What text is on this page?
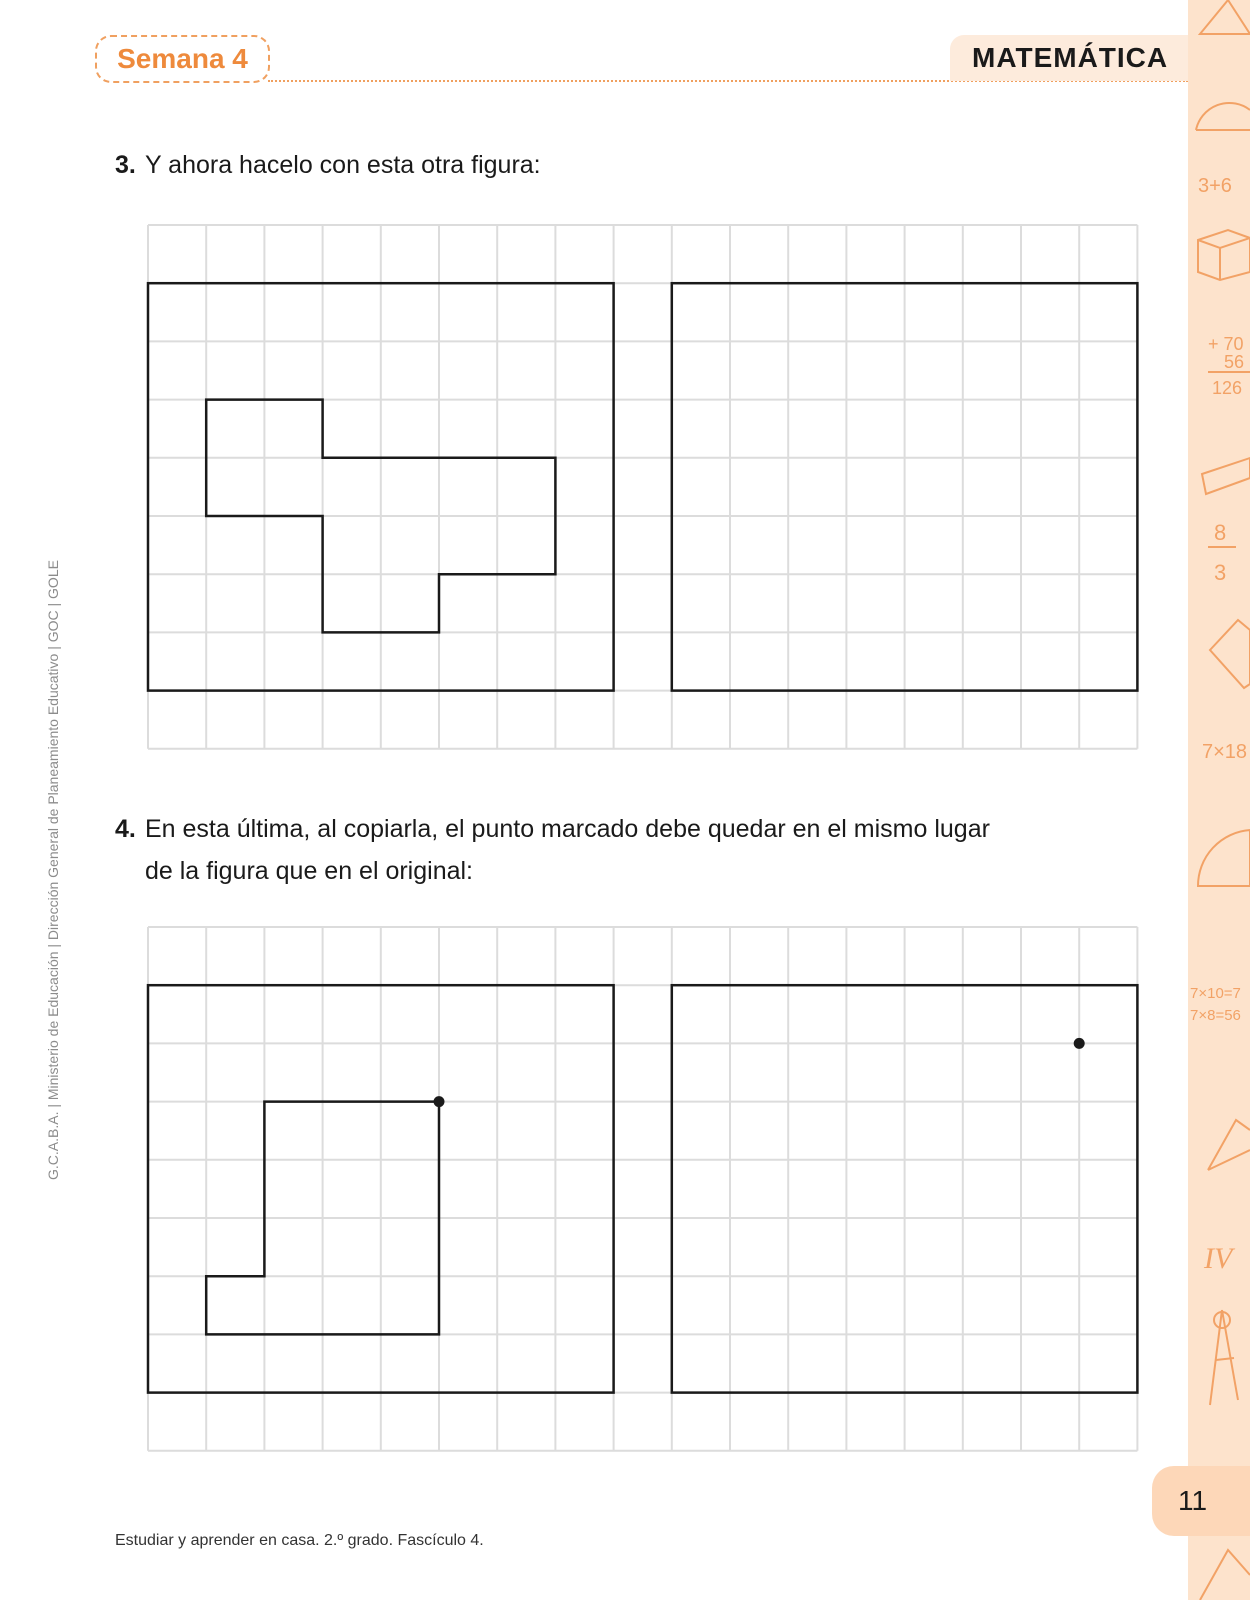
3+6
+ 70
56
126
8
3
7×18
7×10=7
7×8=56
IV
Semana 4	MATEMÁTICA
G.C.A.B.A. | Ministerio de Educación | Dirección General de Planeamiento Educativo | GOC | GOLE
3. Y ahora hacelo con esta otra figura:
4. En esta última, al copiarla, el punto marcado debe quedar en el mismo lugar
de la figura que en el original:
11
Estudiar y aprender en casa. 2.º grado. Fascículo 4.
